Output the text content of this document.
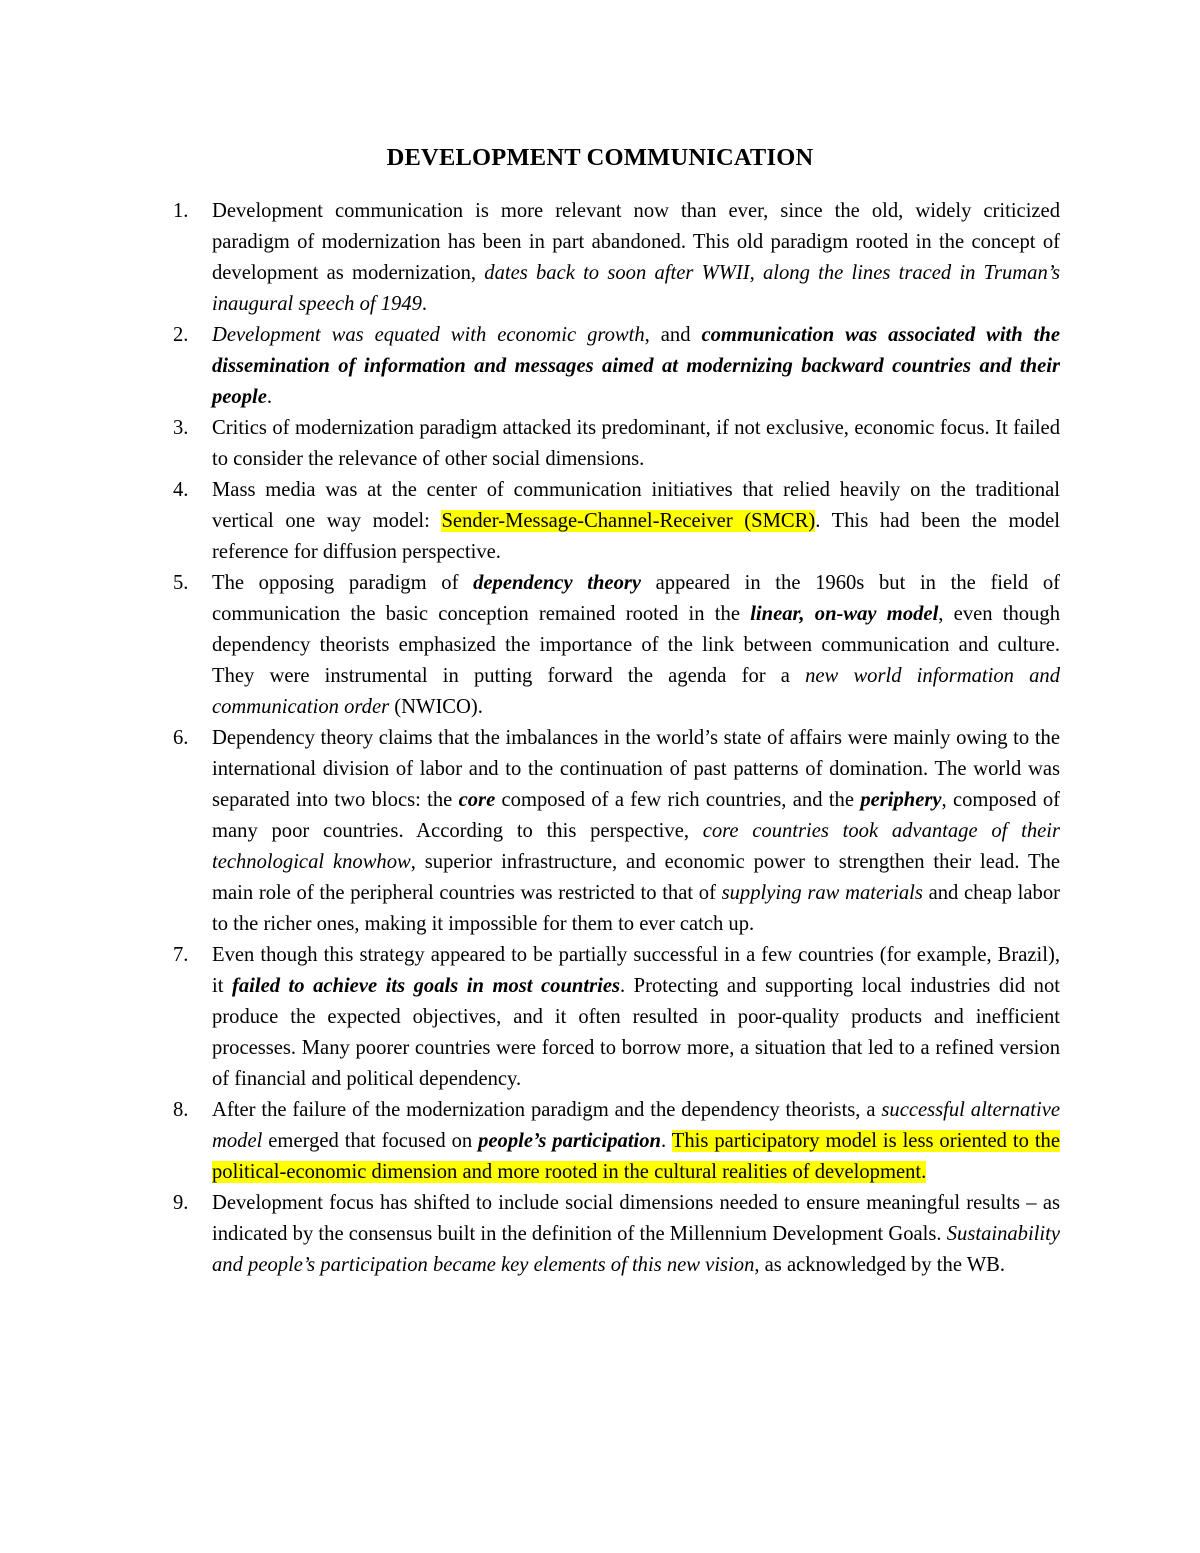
DEVELOPMENT COMMUNICATION
1. Development communication is more relevant now than ever, since the old, widely criticized paradigm of modernization has been in part abandoned. This old paradigm rooted in the concept of development as modernization, dates back to soon after WWII, along the lines traced in Truman’s inaugural speech of 1949.
2. Development was equated with economic growth, and communication was associated with the dissemination of information and messages aimed at modernizing backward countries and their people.
3. Critics of modernization paradigm attacked its predominant, if not exclusive, economic focus. It failed to consider the relevance of other social dimensions.
4. Mass media was at the center of communication initiatives that relied heavily on the traditional vertical one way model: Sender-Message-Channel-Receiver (SMCR). This had been the model reference for diffusion perspective.
5. The opposing paradigm of dependency theory appeared in the 1960s but in the field of communication the basic conception remained rooted in the linear, on-way model, even though dependency theorists emphasized the importance of the link between communication and culture. They were instrumental in putting forward the agenda for a new world information and communication order (NWICO).
6. Dependency theory claims that the imbalances in the world’s state of affairs were mainly owing to the international division of labor and to the continuation of past patterns of domination. The world was separated into two blocs: the core composed of a few rich countries, and the periphery, composed of many poor countries. According to this perspective, core countries took advantage of their technological knowhow, superior infrastructure, and economic power to strengthen their lead. The main role of the peripheral countries was restricted to that of supplying raw materials and cheap labor to the richer ones, making it impossible for them to ever catch up.
7. Even though this strategy appeared to be partially successful in a few countries (for example, Brazil), it failed to achieve its goals in most countries. Protecting and supporting local industries did not produce the expected objectives, and it often resulted in poor-quality products and inefficient processes. Many poorer countries were forced to borrow more, a situation that led to a refined version of financial and political dependency.
8. After the failure of the modernization paradigm and the dependency theorists, a successful alternative model emerged that focused on people’s participation. This participatory model is less oriented to the political-economic dimension and more rooted in the cultural realities of development.
9. Development focus has shifted to include social dimensions needed to ensure meaningful results – as indicated by the consensus built in the definition of the Millennium Development Goals. Sustainability and people’s participation became key elements of this new vision, as acknowledged by the WB.
